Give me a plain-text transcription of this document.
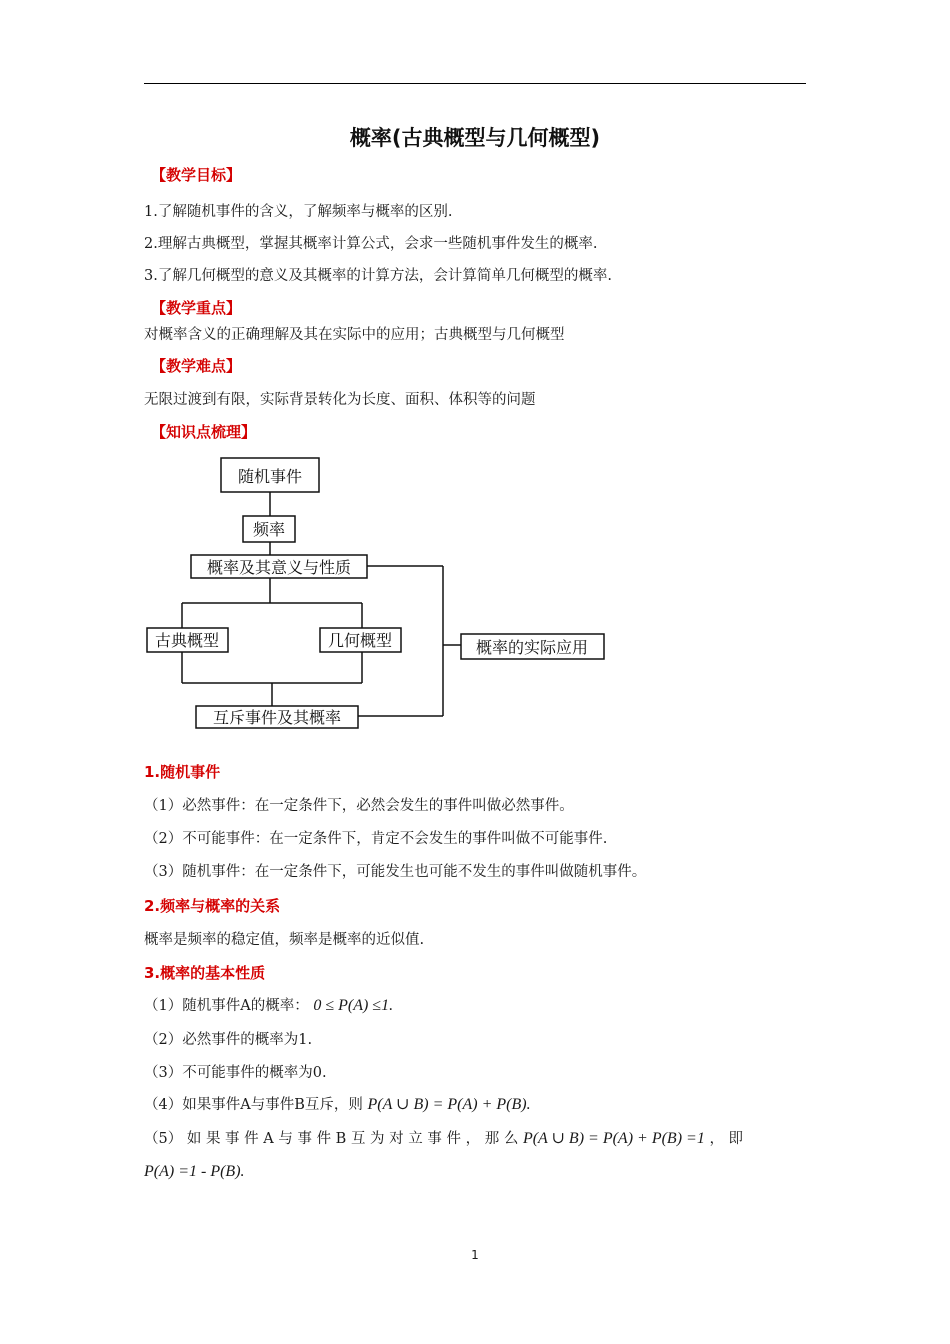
概率(古典概型与几何概型)
【教学目标】
1.了解随机事件的含义，了解频率与概率的区别.
2.理解古典概型，掌握其概率计算公式，会求一些随机事件发生的概率.
3.了解几何概型的意义及其概率的计算方法，会计算简单几何概型的概率.
【教学重点】
对概率含义的正确理解及其在实际中的应用；古典概型与几何概型
【教学难点】
无限过渡到有限，实际背景转化为长度、面积、体积等的问题
【知识点梳理】
随机事件
频率
概率及其意义与性质
古典概型	几何概型	概率的实际应用
互斥事件及其概率
1.随机事件
（1）必然事件：在一定条件下，必然会发生的事件叫做必然事件。
（2）不可能事件：在一定条件下，肯定不会发生的事件叫做不可能事件.
（3）随机事件：在一定条件下，可能发生也可能不发生的事件叫做随机事件。
2.频率与概率的关系
概率是频率的稳定值，频率是概率的近似值.
3.概率的基本性质
（1）随机事件A的概率： 0 ≤ P(A) ≤1.
（2）必然事件的概率为1.
（3）不可能事件的概率为0.
（4）如果事件A与事件B互斥，则 P(A ∪ B) = P(A) + P(B).
（5） 如 果 事 件 A 与 事 件 B 互 为 对 立 事 件 ， 那 么 P(A ∪ B) = P(A) + P(B) =1 ， 即
P(A) =1 - P(B).
1
